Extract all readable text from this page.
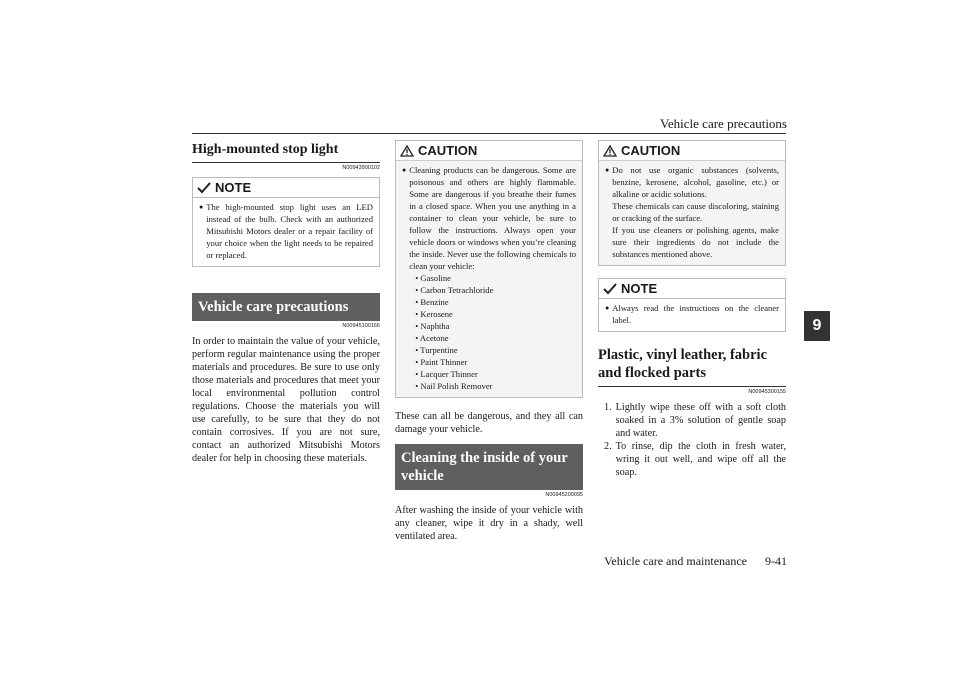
Vehicle care precautions
9
High-mounted stop light
N00943900102
NOTE
● The high-mounted stop light uses an LED instead of the bulb. Check with an authorized Mitsubishi Motors dealer or a repair facility of your choice when the light needs to be repaired or replaced.
Vehicle care precautions
N00945100166

In order to maintain the value of your vehicle, perform regular maintenance using the proper materials and procedures. Be sure to use only those materials and procedures that meet your local environmental pollution control regulations. Choose the materials you will use carefully, to be sure that they do not contain corrosives. If you are not sure, contact an authorized Mitsubishi Motors dealer for help in choosing these materials.

CAUTION
● Cleaning products can be dangerous. Some are poisonous and others are highly flammable. Some are dangerous if you breathe their fumes in a closed space. When you use anything in a container to clean your vehicle, be sure to follow the instructions. Always open your vehicle doors or windows when you’re cleaning the inside. Never use the following chemicals to clean your vehicle:
• Gasoline
• Carbon Tetrachloride
• Benzine
• Kerosene
• Naphtha
• Acetone
• Turpentine
• Paint Thinner
• Lacquer Thinner
• Nail Polish Remover

These can all be dangerous, and they all can damage your vehicle.

Cleaning the inside of your vehicle
N00945200095

After washing the inside of your vehicle with any cleaner, wipe it dry in a shady, well ventilated area.

CAUTION
● Do not use organic substances (solvents, benzine, kerosene, alcohol, gasoline, etc.) or alkaline or acidic solutions.
These chemicals can cause discoloring, staining or cracking of the surface.
If you use cleaners or polishing agents, make sure their ingredients do not include the substances mentioned above.
NOTE
● Always read the instructions on the cleaner label.
Plastic, vinyl leather, fabric and flocked parts
N00945300155
1. Lightly wipe these off with a soft cloth soaked in a 3% solution of gentle soap and water.
2. To rinse, dip the cloth in fresh water, wring it out well, and wipe off all the soap.
Vehicle care and maintenance 9-41
